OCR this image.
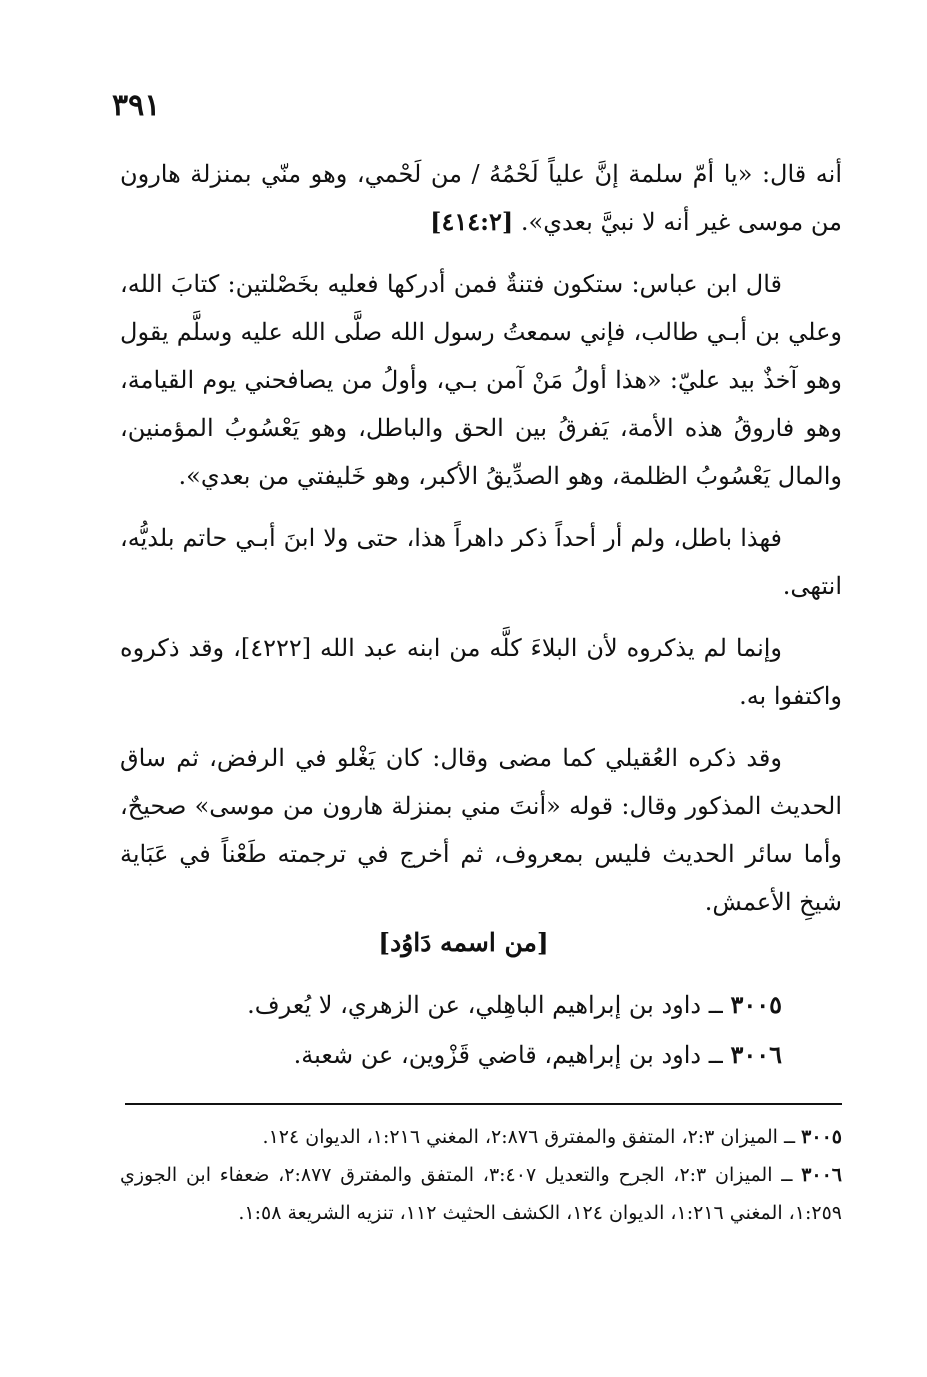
٣٩١

أنه قال: «يا أمّ سلمة إنَّ علياً لَحْمُهُ / من لَحْمي، وهو منّي بمنزلة هارون من موسى غير أنه لا نبيَّ بعدي». [٤١٤:٢]

قال ابن عباس: ستكون فتنةٌ فمن أدركها فعليه بخَصْلتين: كتابَ الله، وعلي بن أبـي طالب، فإني سمعتُ رسول الله صلَّى الله عليه وسلَّم يقول وهو آخذٌ بيد عليّ: «هذا أولُ مَنْ آمن بـي، وأولُ من يصافحني يوم القيامة، وهو فاروقُ هذه الأمة، يَفرقُ بين الحق والباطل، وهو يَعْسُوبُ المؤمنين، والمال يَعْسُوبُ الظلمة، وهو الصدِّيقُ الأكبر، وهو خَليفتي من بعدي».

فهذا باطل، ولم أر أحداً ذكر داهراً هذا، حتى ولا ابنَ أبـي حاتم بلديُّه، انتهى.

وإنما لم يذكروه لأن البلاءَ كلَّه من ابنه عبد الله [٤٢٢٢]، وقد ذكروه واكتفوا به.

وقد ذكره العُقيلي كما مضى وقال: كان يَغْلو في الرفض، ثم ساق الحديث المذكور وقال: قوله «أنتَ مني بمنزلة هارون من موسى» صحيحٌ، وأما سائر الحديث فليس بمعروف، ثم أخرج في ترجمته طَعْناً في عَبَاية شيخِ الأعمش.

[من اسمه دَاوُد]
٣٠٠٥ ــ داود بن إبراهيم الباهِلي، عن الزهري، لا يُعرف.
٣٠٠٦ ــ داود بن إبراهيم، قاضي قَزْوين، عن شعبة.

٣٠٠٥ ــ الميزان ٢:٣، المتفق والمفترق ٢:٨٧٦، المغني ١:٢١٦، الديوان ١٢٤.

٣٠٠٦ ــ الميزان ٢:٣، الجرح والتعديل ٣:٤٠٧، المتفق والمفترق ٢:٨٧٧، ضعفاء ابن الجوزي ١:٢٥٩، المغني ١:٢١٦، الديوان ١٢٤، الكشف الحثيث ١١٢، تنزيه الشريعة ١:٥٨.
